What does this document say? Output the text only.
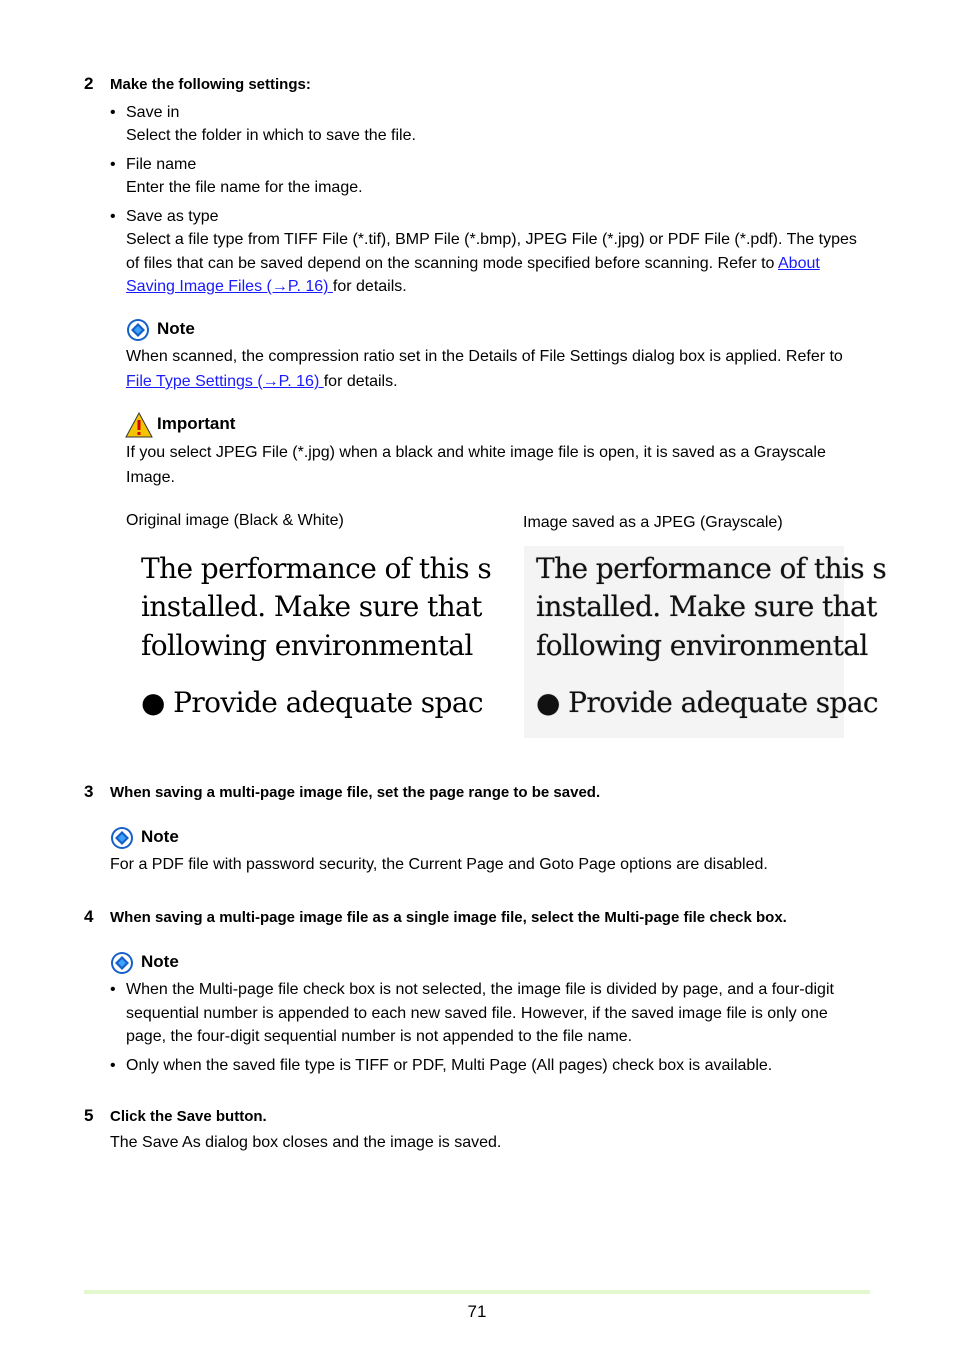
2 Make the following settings:
• Save in
Select the folder in which to save the file.
• File name
Enter the file name for the image.
• Save as type
Select a file type from TIFF File (*.tif), BMP File (*.bmp), JPEG File (*.jpg) or PDF File (*.pdf). The types
of files that can be saved depend on the scanning mode specified before scanning. Refer to About
Saving Image Files (→P. 16) for details.
Note
When scanned, the compression ratio set in the Details of File Settings dialog box is applied. Refer to
File Type Settings (→P. 16) for details.
Important
If you select JPEG File (*.jpg) when a black and white image file is open, it is saved as a Grayscale
Image.
Original image (Black & White)	Image saved as a JPEG (Grayscale)
The performance of this s
installed. Make sure that
following environmental
● Provide adequate spac
The performance of this s
installed. Make sure that
following environmental
● Provide adequate spac
3 When saving a multi-page image file, set the page range to be saved.
Note
For a PDF file with password security, the Current Page and Goto Page options are disabled.
4 When saving a multi-page image file as a single image file, select the Multi-page file check box.
Note
• When the Multi-page file check box is not selected, the image file is divided by page, and a four-digit
sequential number is appended to each new saved file. However, if the saved image file is only one
page, the four-digit sequential number is not appended to the file name.
• Only when the saved file type is TIFF or PDF, Multi Page (All pages) check box is available.
5 Click the Save button.
The Save As dialog box closes and the image is saved.
71
